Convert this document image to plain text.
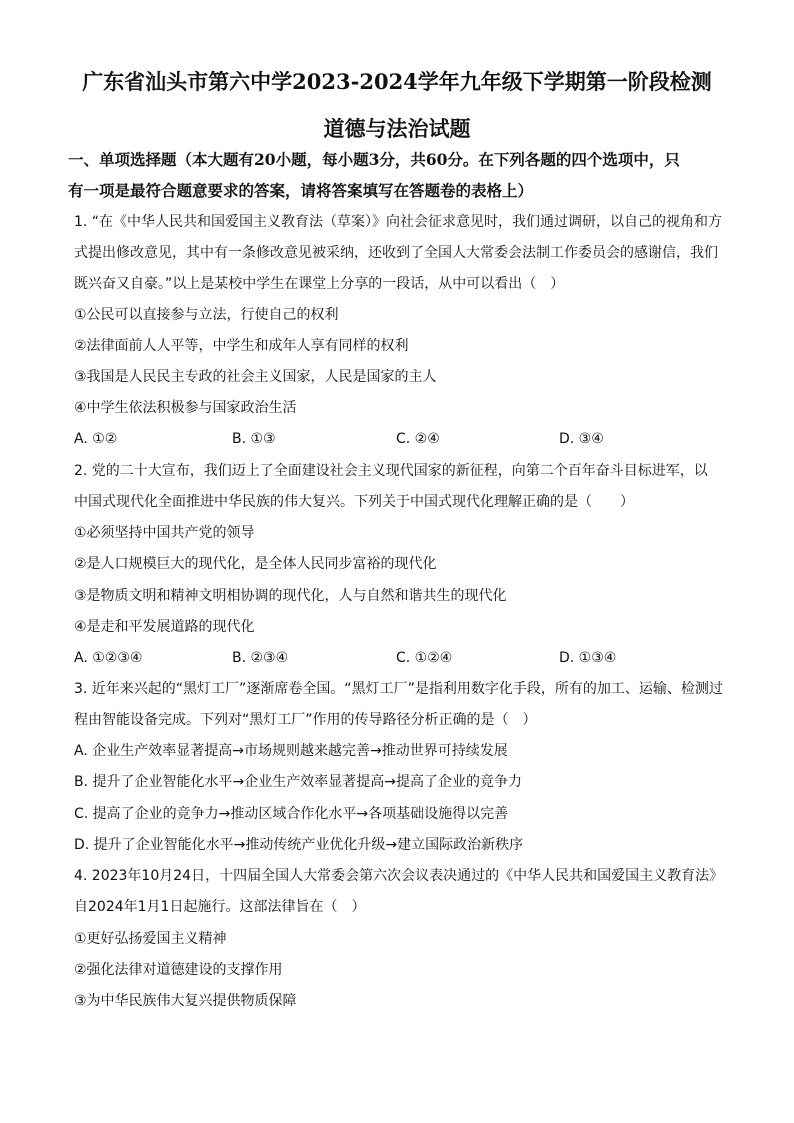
广东省汕头市第六中学2023-2024学年九年级下学期第一阶段检测
道德与法治试题
一、单项选择题（本大题有20小题，每小题3分，共60分。在下列各题的四个选项中，只
有一项是最符合题意要求的答案，请将答案填写在答题卷的表格上）
1. “在《中华人民共和国爱国主义教育法（草案）》向社会征求意见时，我们通过调研，以自己的视角和方
式提出修改意见，其中有一条修改意见被采纳，还收到了全国人大常委会法制工作委员会的感谢信，我们
既兴奋又自豪。”以上是某校中学生在课堂上分享的一段话，从中可以看出（　）
①公民可以直接参与立法，行使自己的权利
②法律面前人人平等，中学生和成年人享有同样的权利
③我国是人民民主专政的社会主义国家，人民是国家的主人
④中学生依法积极参与国家政治生活
A. ①②	B. ①③	C. ②④	D. ③④
2. 党的二十大宣布，我们迈上了全面建设社会主义现代国家的新征程，向第二个百年奋斗目标进军，以
中国式现代化全面推进中华民族的伟大复兴。下列关于中国式现代化理解正确的是（　　）
①必须坚持中国共产党的领导
②是人口规模巨大的现代化，是全体人民同步富裕的现代化
③是物质文明和精神文明相协调的现代化，人与自然和谐共生的现代化
④是走和平发展道路的现代化
A. ①②③④	B. ②③④	C. ①②④	D. ①③④
3. 近年来兴起的“黑灯工厂”逐渐席卷全国。“黑灯工厂”是指利用数字化手段，所有的加工、运输、检测过
程由智能设备完成。下列对“黑灯工厂”作用的传导路径分析正确的是（　）
A. 企业生产效率显著提高→市场规则越来越完善→推动世界可持续发展
B. 提升了企业智能化水平→企业生产效率显著提高→提高了企业的竞争力
C. 提高了企业的竞争力→推动区域合作化水平→各项基础设施得以完善
D. 提升了企业智能化水平→推动传统产业优化升级→建立国际政治新秩序
4. 2023年10月24日，十四届全国人大常委会第六次会议表决通过的《中华人民共和国爱国主义教育法》
自2024年1月1日起施行。这部法律旨在（　）
①更好弘扬爱国主义精神
②强化法律对道德建设的支撑作用
③为中华民族伟大复兴提供物质保障
